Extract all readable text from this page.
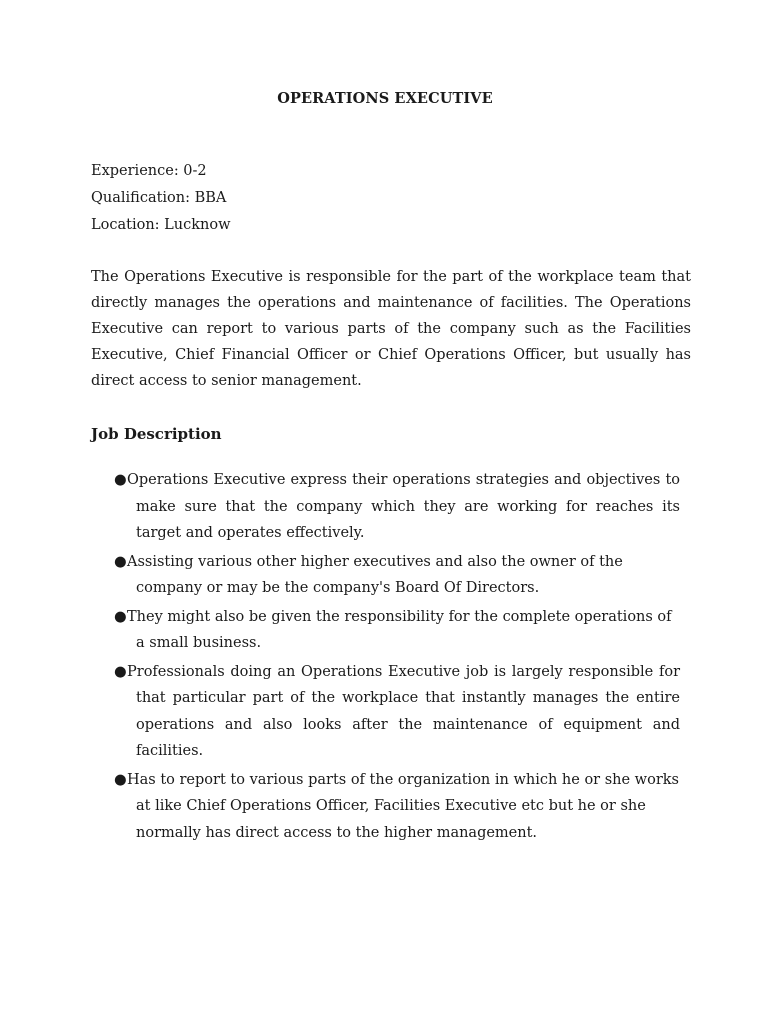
OPERATIONS EXECUTIVE
Experience: 0-2
Qualification: BBA
Location: Lucknow

The Operations Executive is responsible for the part of the workplace team that directly manages the operations and maintenance of facilities. The Operations Executive can report to various parts of the company such as the Facilities Executive, Chief Financial Officer or Chief Operations Officer, but usually has direct access to senior management.

Job Description
●Operations Executive express their operations strategies and objectives to make sure that the company which they are working for reaches its target and operates effectively.
●Assisting various other higher executives and also the owner of the company or may be the company's Board Of Directors.
●They might also be given the responsibility for the complete operations of a small business.
●Professionals doing an Operations Executive job is largely responsible for that particular part of the workplace that instantly manages the entire operations and also looks after the maintenance of equipment and facilities.
●Has to report to various parts of the organization in which he or she works at like Chief Operations Officer, Facilities Executive etc but he or she normally has direct access to the higher management.
